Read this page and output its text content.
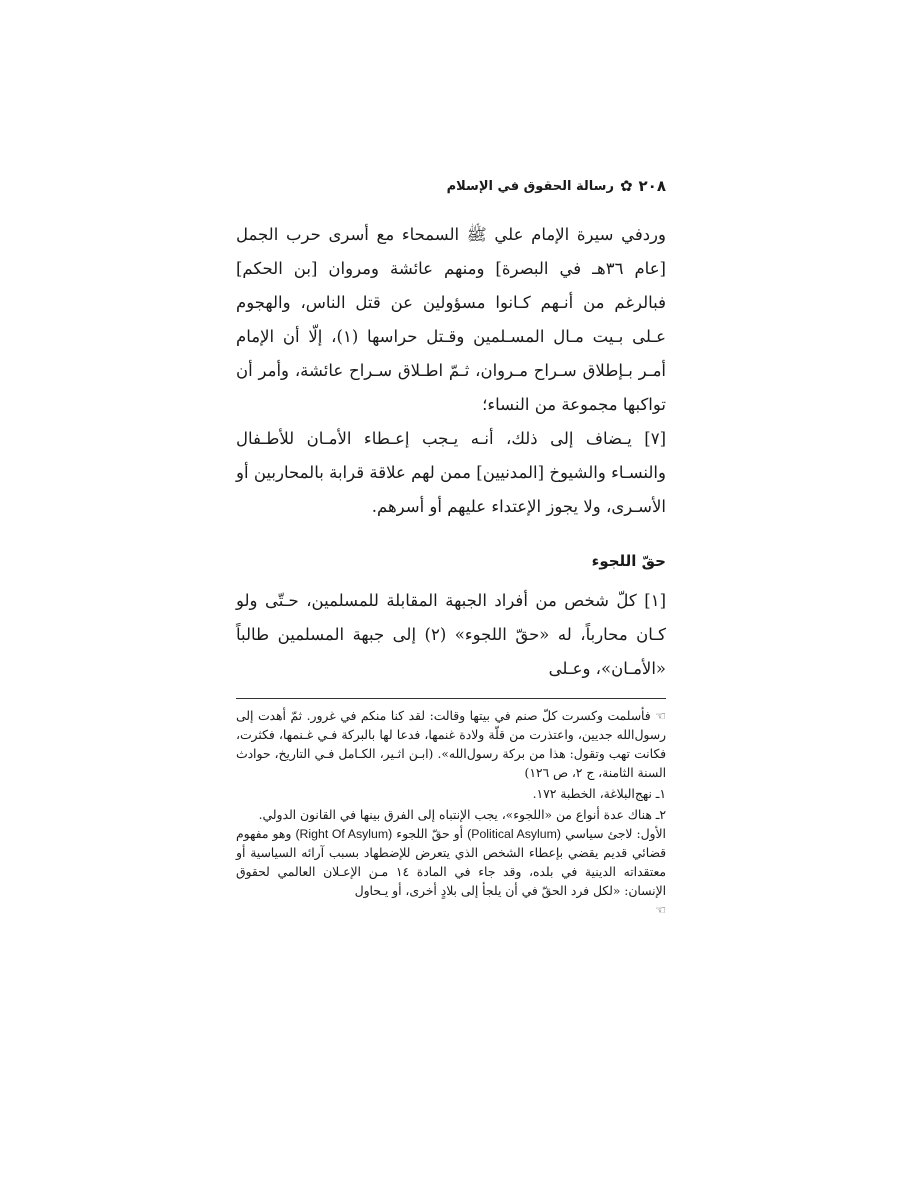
٢٠٨
✿
رسالة الحقوق في الإسلام

وردفي سيرة الإمام علي ﷺ السمحاء مع أسرى حرب الجمل [عام ٣٦هـ في البصرة] ومنهم عائشة ومروان [بن الحكم] فبالرغم من أنـهم كـانوا مسؤولين عن قتل الناس، والهجوم عـلى بـيت مـال المسـلمين وقـتل حراسها (١)، إلّا أن الإمام أمـر بـإطلاق سـراح مـروان، ثـمّ اطـلاق سـراح عائشة، وأمر أن تواكبها مجموعة من النساء؛

[٧] يـضاف إلى ذلك، أنـه يـجب إعـطاء الأمـان للأطـفال والنسـاء والشيوخ [المدنيين] ممن لهم علاقة قرابة بالمحاربين أو الأسـرى، ولا يجوز الإعتداء عليهم أو أسرهم.

حقّ اللجوء

[١] كلّ شخص من أفراد الجبهة المقابلة للمسلمين، حـتّى ولو كـان محارباً، له «حقّ اللجوء» (٢) إلى جبهة المسلمين طالباً «الأمـان»، وعـلى

☜ فأسلمت وكسرت كلّ صنم في بيتها وقالت: لقد كنا منكم في غرور. ثمّ أهدت إلى رسول‌الله جديين، واعتذرت من قلّة ولادة غنمها، فدعا لها بالبركة فـي غـنمها، فكثرت، فكانت تهب وتقول: هذا من بركة رسول‌الله». (ابـن اثـير، الكـامل فـي التاريخ، حوادث السنة الثامنة، ج ٢، ص ١٢٦)

١ـ نهج‌البلاغة، الخطبة ١٧٢.

٢ـ هناك عدة أنواع من «اللجوء»، يجب الإنتباه إلى الفرق بينها في القانون الدولي.
الأول: لاجئ سياسي (Political Asylum) أو حقّ اللجوء (Right Of Asylum) وهو مفهوم قضائي قديم يقضي بإعطاء الشخص الذي يتعرض للإضطهاد بسبب آرائه السياسية أو معتقداته الدينية في بلده، وقد جاء في المادة ١٤ مـن الإعـلان العالمي لحقوق الإنسان: «لكل فرد الحقّ في أن يلجأ إلى بلادٍ أخرى، أو يـحاول
☜
